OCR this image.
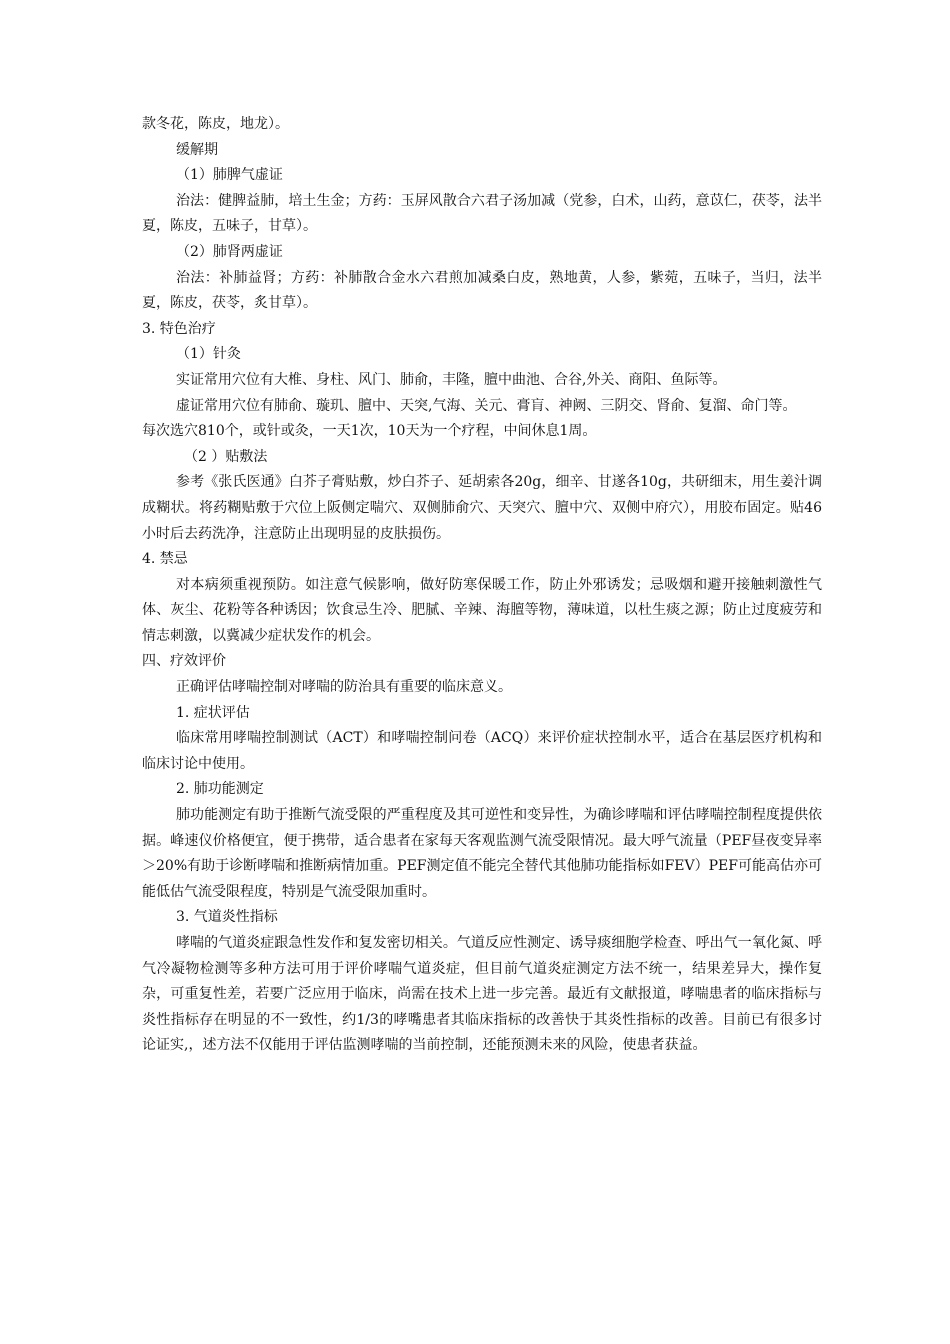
款冬花，陈皮，地龙）。

缓解期

（1）肺脾气虚证

治法：健脾益肺，培土生金；方药：玉屏风散合六君子汤加减（党参，白术，山药，意苡仁，茯苓，法半夏，陈皮，五味子，甘草）。

（2）肺肾两虚证

治法：补肺益肾；方药：补肺散合金水六君煎加减桑白皮，熟地黄，人参，紫菀，五味子，当归，法半夏，陈皮，茯苓，炙甘草）。

3. 特色治疗

（1）针灸

实证常用穴位有大椎、身柱、风门、肺俞，丰隆，膻中曲池、合谷,外关、商阳、鱼际等。

虚证常用穴位有肺俞、璇玑、膻中、天突,气海、关元、膏肓、神阙、三阴交、肾俞、复溜、命门等。

每次选穴810个，或针或灸，一天1次，10天为一个疗程，中间休息1周。

（2 ）贴敷法

参考《张氏医通》白芥子膏贴敷，炒白芥子、延胡索各20g，细辛、甘遂各10g，共研细末，用生姜汁调成糊状。将药糊贴敷于穴位上阪侧定喘穴、双侧肺俞穴、天突穴、膻中穴、双侧中府穴），用胶布固定。贴46小时后去药洗净，注意防止出现明显的皮肤损伤。

4. 禁忌

对本病须重视预防。如注意气候影响，做好防寒保暖工作，防止外邪诱发；忌吸烟和避开接触刺激性气体、灰尘、花粉等各种诱因；饮食忌生冷、肥腻、辛辣、海膻等物，薄味道，以杜生痰之源；防止过度疲劳和情志刺激，以冀减少症状发作的机会。

四、疗效评价

正确评估哮喘控制对哮喘的防治具有重要的临床意义。

1. 症状评估

临床常用哮喘控制测试（ACT）和哮喘控制问卷（ACQ）来评价症状控制水平，适合在基层医疗机构和临床讨论中使用。

2. 肺功能测定

肺功能测定有助于推断气流受限的严重程度及其可逆性和变异性，为确诊哮喘和评估哮喘控制程度提供依据。峰速仪价格便宜，便于携带，适合患者在家每天客观监测气流受限情况。最大呼气流量（PEF昼夜变异率＞20%有助于诊断哮喘和推断病情加重。PEF测定值不能完全替代其他肺功能指标如FEV）PEF可能高估亦可能低估气流受限程度，特别是气流受限加重时。

3. 气道炎性指标

哮喘的气道炎症跟急性发作和复发密切相关。气道反应性测定、诱导痰细胞学检查、呼出气一氧化氮、呼气冷凝物检测等多种方法可用于评价哮喘气道炎症，但目前气道炎症测定方法不统一，结果差异大，操作复杂，可重复性差，若要广泛应用于临床，尚需在技术上进一步完善。最近有文献报道，哮喘患者的临床指标与炎性指标存在明显的不一致性，约1/3的哮嘴患者其临床指标的改善快于其炎性指标的改善。目前已有很多讨论证实,，述方法不仅能用于评估监测哮喘的当前控制，还能预测未来的风险，使患者获益。
